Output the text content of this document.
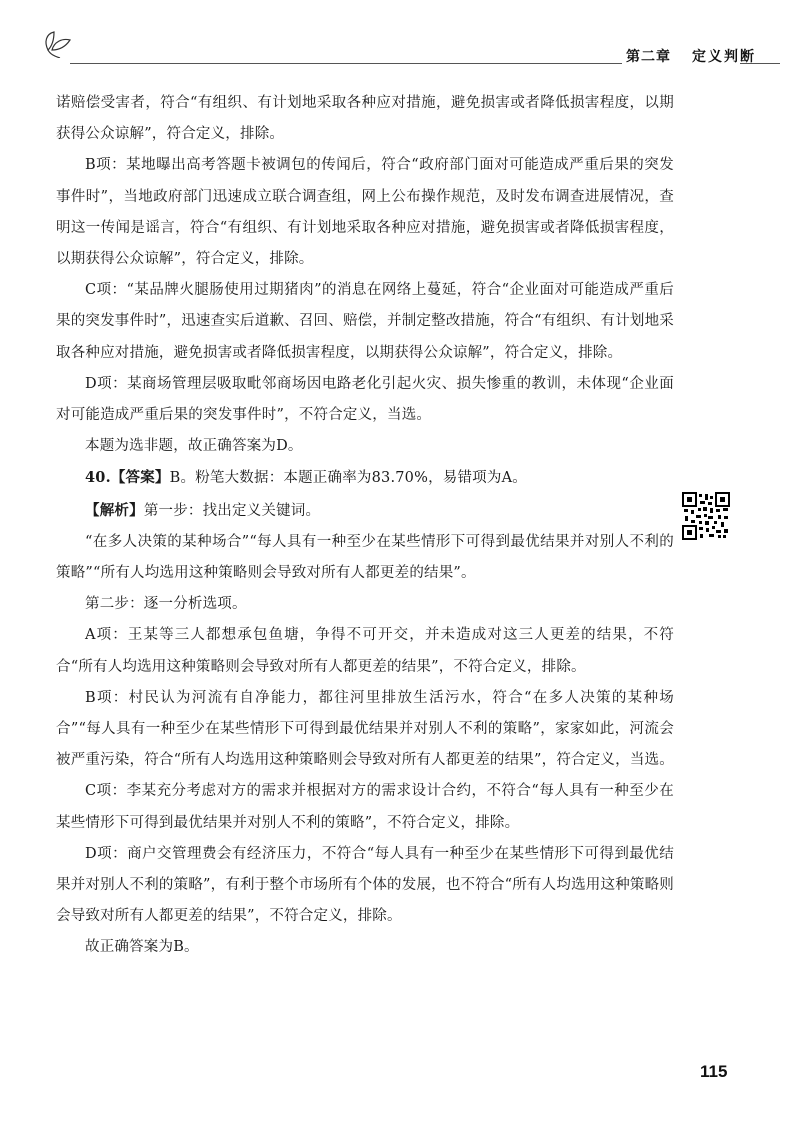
第二章 定义判断

诺赔偿受害者，符合“有组织、有计划地采取各种应对措施，避免损害或者降低损害程度，以期获得公众谅解”，符合定义，排除。

B项：某地曝出高考答题卡被调包的传闻后，符合“政府部门面对可能造成严重后果的突发事件时”，当地政府部门迅速成立联合调查组，网上公布操作规范，及时发布调查进展情况，查明这一传闻是谣言，符合“有组织、有计划地采取各种应对措施，避免损害或者降低损害程度，以期获得公众谅解”，符合定义，排除。

C项：“某品牌火腿肠使用过期猪肉”的消息在网络上蔓延，符合“企业面对可能造成严重后果的突发事件时”，迅速查实后道歉、召回、赔偿，并制定整改措施，符合“有组织、有计划地采取各种应对措施，避免损害或者降低损害程度，以期获得公众谅解”，符合定义，排除。

D项：某商场管理层吸取毗邻商场因电路老化引起火灾、损失惨重的教训，未体现“企业面对可能造成严重后果的突发事件时”，不符合定义，当选。

本题为选非题，故正确答案为D。

40.【答案】B。粉笔大数据：本题正确率为83.70%，易错项为A。

【解析】第一步：找出定义关键词。

“在多人决策的某种场合”“每人具有一种至少在某些情形下可得到最优结果并对别人不利的策略”“所有人均选用这种策略则会导致对所有人都更差的结果”。

第二步：逐一分析选项。

A项：王某等三人都想承包鱼塘，争得不可开交，并未造成对这三人更差的结果，不符合“所有人均选用这种策略则会导致对所有人都更差的结果”，不符合定义，排除。

B项：村民认为河流有自净能力，都往河里排放生活污水，符合“在多人决策的某种场合”“每人具有一种至少在某些情形下可得到最优结果并对别人不利的策略”，家家如此，河流会被严重污染，符合“所有人均选用这种策略则会导致对所有人都更差的结果”，符合定义，当选。

C项：李某充分考虑对方的需求并根据对方的需求设计合约，不符合“每人具有一种至少在某些情形下可得到最优结果并对别人不利的策略”，不符合定义，排除。

D项：商户交管理费会有经济压力，不符合“每人具有一种至少在某些情形下可得到最优结果并对别人不利的策略”，有利于整个市场所有个体的发展，也不符合“所有人均选用这种策略则会导致对所有人都更差的结果”，不符合定义，排除。

故正确答案为B。

115
